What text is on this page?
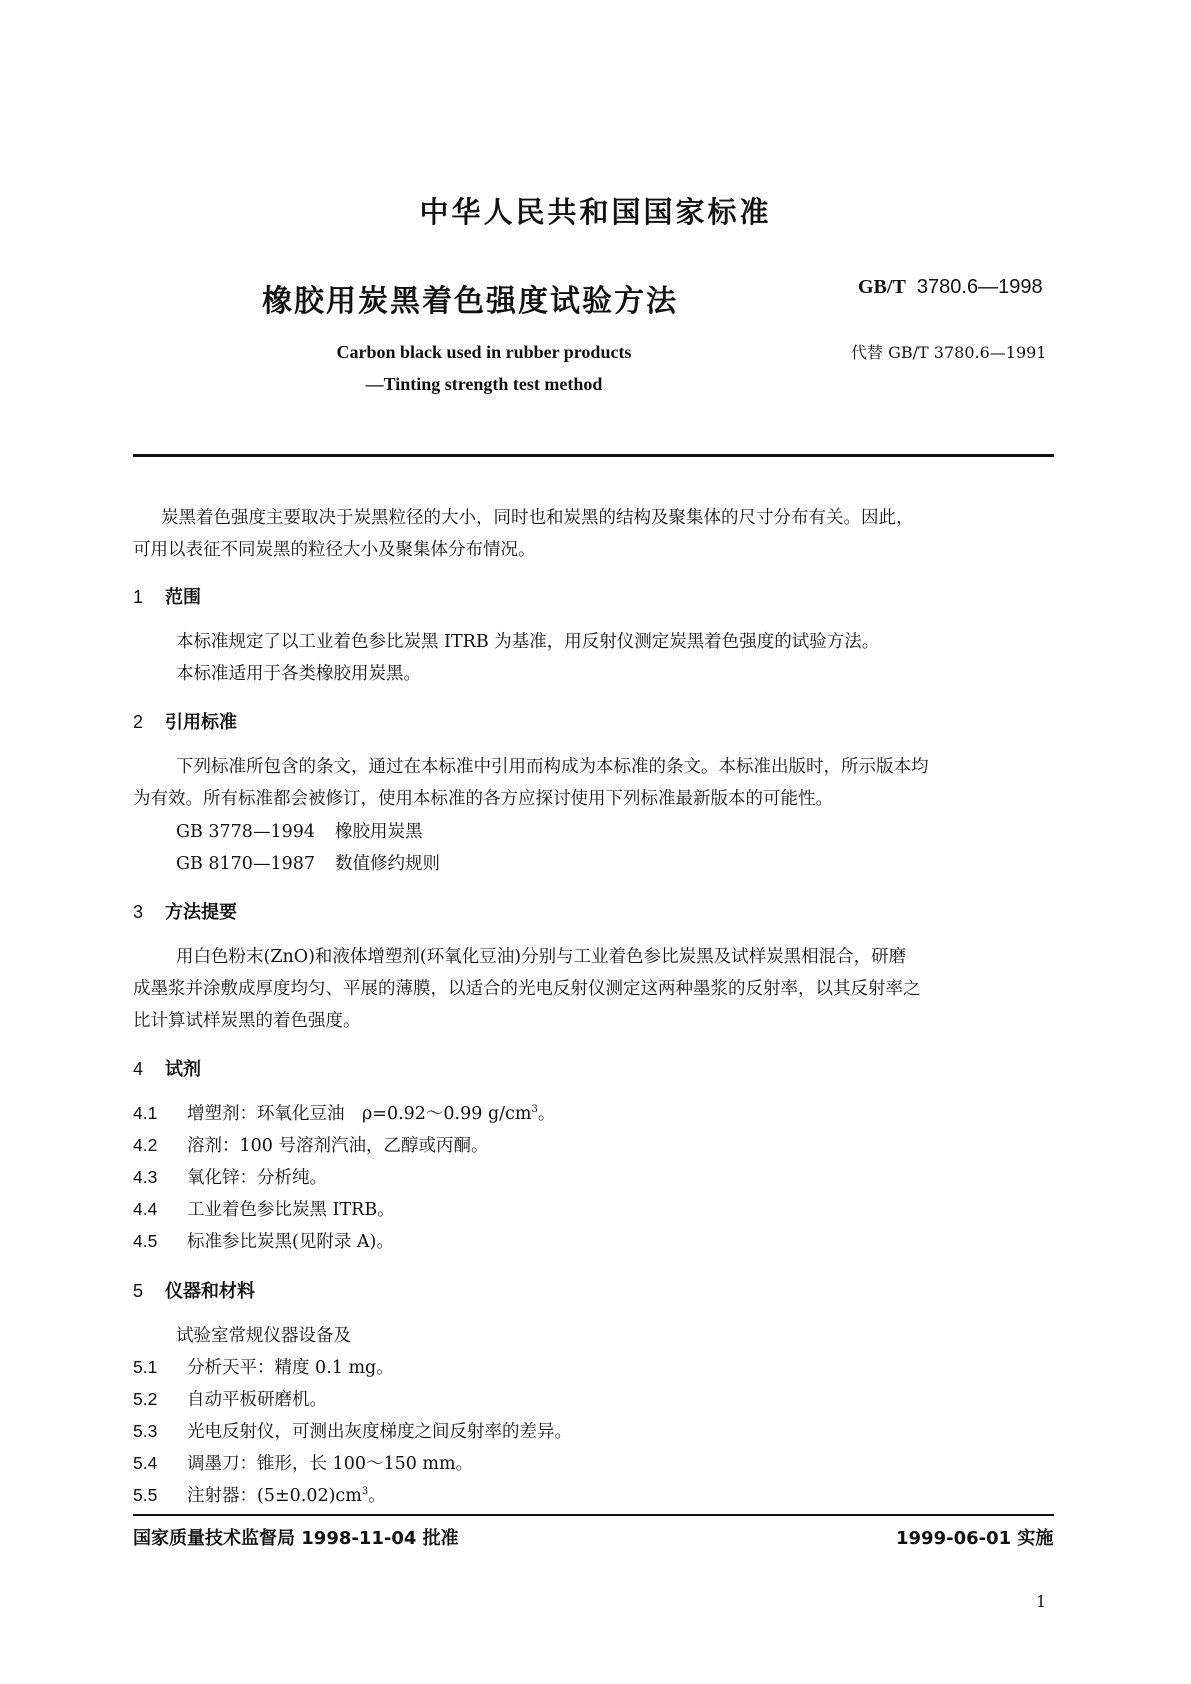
中华人民共和国国家标准
橡胶用炭黑着色强度试验方法	GB/T 3780.6—1998
代替 GB/T 3780.6—1991
Carbon black used in rubber products
—Tinting strength test method
炭黑着色强度主要取决于炭黑粒径的大小，同时也和炭黑的结构及聚集体的尺寸分布有关。因此，
可用以表征不同炭黑的粒径大小及聚集体分布情况。
1 范围
本标准规定了以工业着色参比炭黑 ITRB 为基准，用反射仪测定炭黑着色强度的试验方法。
本标准适用于各类橡胶用炭黑。
2 引用标准
下列标准所包含的条文，通过在本标准中引用而构成为本标准的条文。本标准出版时，所示版本均
为有效。所有标准都会被修订，使用本标准的各方应探讨使用下列标准最新版本的可能性。
GB 3778—1994 橡胶用炭黑
GB 8170—1987 数值修约规则
3 方法提要
用白色粉末(ZnO)和液体增塑剂(环氧化豆油)分别与工业着色参比炭黑及试样炭黑相混合，研磨
成墨浆并涂敷成厚度均匀、平展的薄膜，以适合的光电反射仪测定这两种墨浆的反射率，以其反射率之
比计算试样炭黑的着色强度。
4 试剂
4.1 增塑剂：环氧化豆油　ρ=0.92～0.99 $g/cm^3$。
4.2 溶剂：100 号溶剂汽油，乙醇或丙酮。
4.3 氧化锌：分析纯。
4.4 工业着色参比炭黑 ITRB。
4.5 标准参比炭黑(见附录 A)。
5 仪器和材料
试验室常规仪器设备及
5.1 分析天平：精度 0.1 mg。
5.2 自动平板研磨机。
5.3 光电反射仪，可测出灰度梯度之间反射率的差异。
5.4 调墨刀：锥形，长 100～150 mm。
5.5 注射器：$(5\pm 0.02)cm^3$。
国家质量技术监督局 1998-11-04 批准	1999-06-01 实施
1
